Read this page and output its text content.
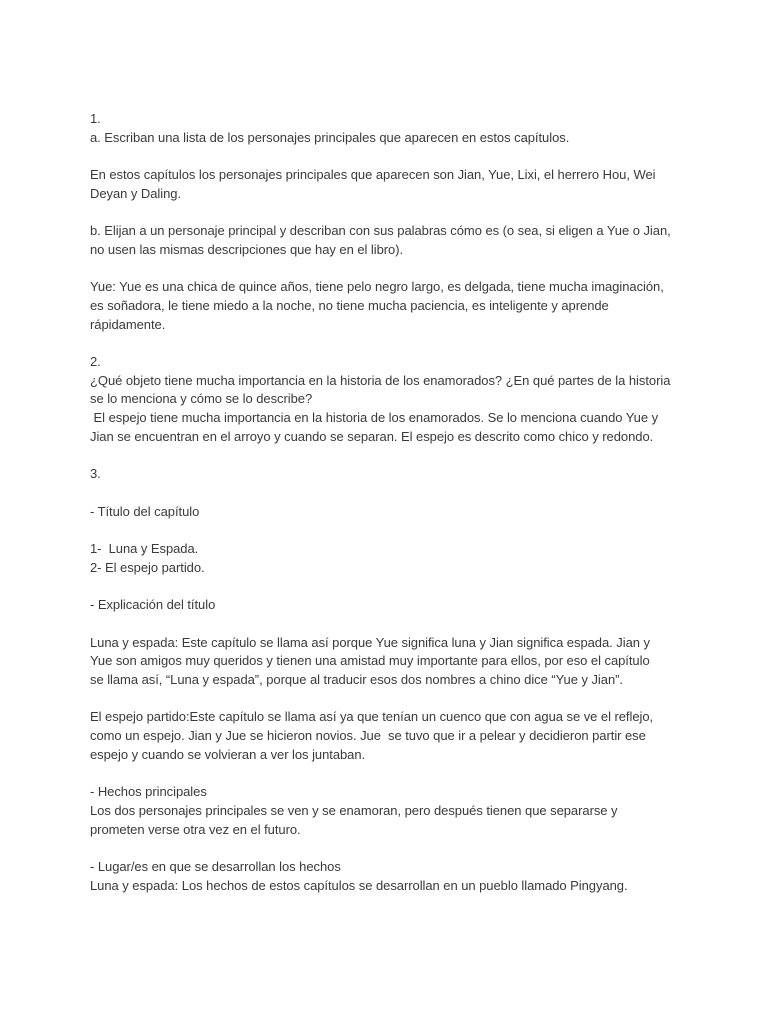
1.
a. Escriban una lista de los personajes principales que aparecen en estos capítulos.
En estos capítulos los personajes principales que aparecen son Jian, Yue, Lixi, el herrero Hou, Wei
Deyan y Daling.
b. Elijan a un personaje principal y describan con sus palabras cómo es (o sea, si eligen a Yue o Jian,
no usen las mismas descripciones que hay en el libro).
Yue: Yue es una chica de quince años, tiene pelo negro largo, es delgada, tiene mucha imaginación,
es soñadora, le tiene miedo a la noche, no tiene mucha paciencia, es inteligente y aprende
rápidamente.
2.
¿Qué objeto tiene mucha importancia en la historia de los enamorados? ¿En qué partes de la historia
se lo menciona y cómo se lo describe?
El espejo tiene mucha importancia en la historia de los enamorados. Se lo menciona cuando Yue y
Jian se encuentran en el arroyo y cuando se separan. El espejo es descrito como chico y redondo.
3.
- Título del capítulo
1-  Luna y Espada.
2- El espejo partido.
- Explicación del título
Luna y espada: Este capítulo se llama así porque Yue significa luna y Jian significa espada. Jian y
Yue son amigos muy queridos y tienen una amistad muy importante para ellos, por eso el capítulo
se llama así, “Luna y espada”, porque al traducir esos dos nombres a chino dice “Yue y Jian”.
El espejo partido:Este capítulo se llama así ya que tenían un cuenco que con agua se ve el reflejo,
como un espejo. Jian y Jue se hicieron novios. Jue  se tuvo que ir a pelear y decidieron partir ese
espejo y cuando se volvieran a ver los juntaban.
- Hechos principales
Los dos personajes principales se ven y se enamoran, pero después tienen que separarse y
prometen verse otra vez en el futuro.
- Lugar/es en que se desarrollan los hechos
Luna y espada: Los hechos de estos capítulos se desarrollan en un pueblo llamado Pingyang.
